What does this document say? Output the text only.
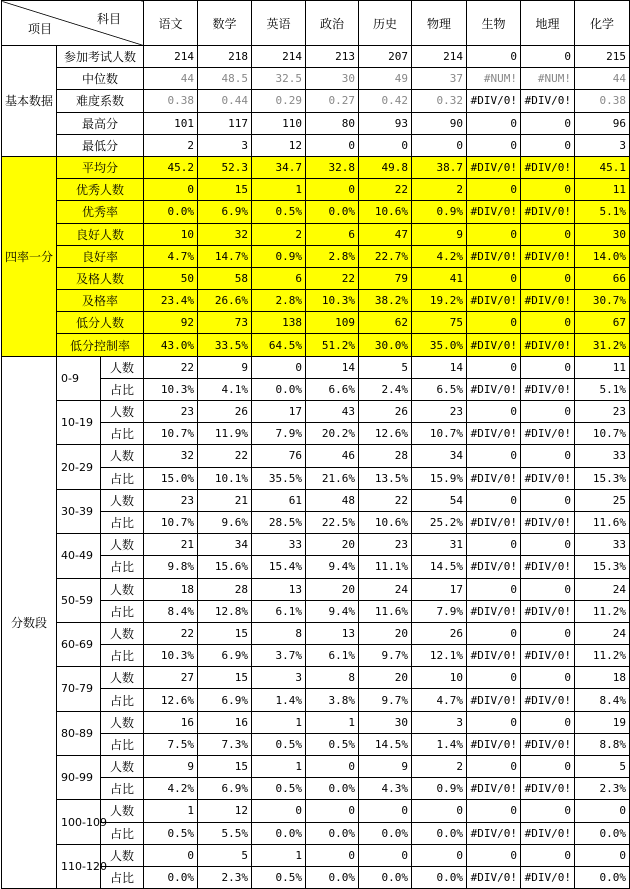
科目
项目			语文	数学	英语	政治	历史	物理	生物	地理	化学
基本数据	参加考试人数		214	218	214	213	207	214	0	0	215
	中位数		44	48.5	32.5	30	49	37	#NUM!	#NUM!	44
	难度系数		0.38	0.44	0.29	0.27	0.42	0.32	#DIV/0!	#DIV/0!	0.38
	最高分		101	117	110	80	93	90	0	0	96
	最低分		2	3	12	0	0	0	0	0	3
四率一分	平均分		45.2	52.3	34.7	32.8	49.8	38.7	#DIV/0!	#DIV/0!	45.1
	优秀人数		0	15	1	0	22	2	0	0	11
	优秀率		0.0%	6.9%	0.5%	0.0%	10.6%	0.9%	#DIV/0!	#DIV/0!	5.1%
	良好人数		10	32	2	6	47	9	0	0	30
	良好率		4.7%	14.7%	0.9%	2.8%	22.7%	4.2%	#DIV/0!	#DIV/0!	14.0%
	及格人数		50	58	6	22	79	41	0	0	66
	及格率		23.4%	26.6%	2.8%	10.3%	38.2%	19.2%	#DIV/0!	#DIV/0!	30.7%
	低分人数		92	73	138	109	62	75	0	0	67
	低分控制率		43.0%	33.5%	64.5%	51.2%	30.0%	35.0%	#DIV/0!	#DIV/0!	31.2%
分数段	0-9	人数	22	9	0	14	5	14	0	0	11
		占比	10.3%	4.1%	0.0%	6.6%	2.4%	6.5%	#DIV/0!	#DIV/0!	5.1%
	10-19	人数	23	26	17	43	26	23	0	0	23
		占比	10.7%	11.9%	7.9%	20.2%	12.6%	10.7%	#DIV/0!	#DIV/0!	10.7%
	20-29	人数	32	22	76	46	28	34	0	0	33
		占比	15.0%	10.1%	35.5%	21.6%	13.5%	15.9%	#DIV/0!	#DIV/0!	15.3%
	30-39	人数	23	21	61	48	22	54	0	0	25
		占比	10.7%	9.6%	28.5%	22.5%	10.6%	25.2%	#DIV/0!	#DIV/0!	11.6%
	40-49	人数	21	34	33	20	23	31	0	0	33
		占比	9.8%	15.6%	15.4%	9.4%	11.1%	14.5%	#DIV/0!	#DIV/0!	15.3%
	50-59	人数	18	28	13	20	24	17	0	0	24
		占比	8.4%	12.8%	6.1%	9.4%	11.6%	7.9%	#DIV/0!	#DIV/0!	11.2%
	60-69	人数	22	15	8	13	20	26	0	0	24
		占比	10.3%	6.9%	3.7%	6.1%	9.7%	12.1%	#DIV/0!	#DIV/0!	11.2%
	70-79	人数	27	15	3	8	20	10	0	0	18
		占比	12.6%	6.9%	1.4%	3.8%	9.7%	4.7%	#DIV/0!	#DIV/0!	8.4%
	80-89	人数	16	16	1	1	30	3	0	0	19
		占比	7.5%	7.3%	0.5%	0.5%	14.5%	1.4%	#DIV/0!	#DIV/0!	8.8%
	90-99	人数	9	15	1	0	9	2	0	0	5
		占比	4.2%	6.9%	0.5%	0.0%	4.3%	0.9%	#DIV/0!	#DIV/0!	2.3%
	100-109	人数	1	12	0	0	0	0	0	0	0
		占比	0.5%	5.5%	0.0%	0.0%	0.0%	0.0%	#DIV/0!	#DIV/0!	0.0%
	110-120	人数	0	5	1	0	0	0	0	0	0
		占比	0.0%	2.3%	0.5%	0.0%	0.0%	0.0%	#DIV/0!	#DIV/0!	0.0%
